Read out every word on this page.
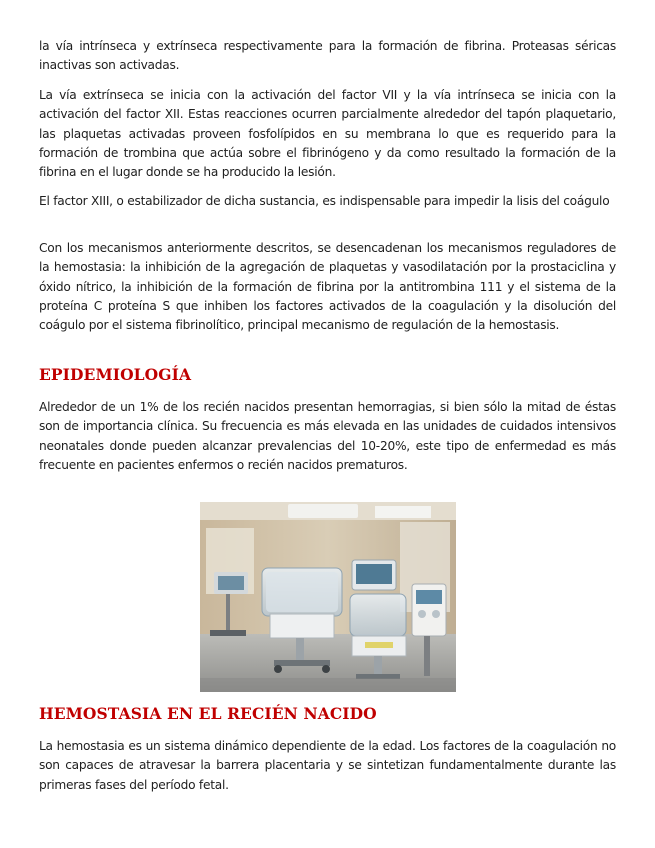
la vía intrínseca y extrínseca respectivamente para la formación de fibrina. Proteasas séricas inactivas son activadas.

La vía extrínseca se inicia con la activación del factor VII y la vía intrínseca se inicia con la activación del factor XII. Estas reacciones ocurren parcialmente alrededor del tapón plaquetario, las plaquetas activadas proveen fosfolípidos en su membrana lo que es requerido para la formación de trombina que actúa sobre el fibrinógeno y da como resultado la formación de la fibrina en el lugar donde se ha producido la lesión.

El factor XIII, o estabilizador de dicha sustancia, es indispensable para impedir la lisis del coágulo

Con los mecanismos anteriormente descritos, se desencadenan los mecanismos reguladores de la hemostasia: la inhibición de la agregación de plaquetas y vasodilatación por la prostaciclina y óxido nítrico, la inhibición de la formación de fibrina por la antitrombina 111 y el sistema de la proteína C proteína S que inhiben los factores activados de la coagulación y la disolución del coágulo por el sistema fibrinolítico, principal mecanismo de regulación de la hemostasis.

EPIDEMIOLOGÍA

Alrededor de un 1% de los recién nacidos presentan hemorragias, si bien sólo la mitad de éstas son de importancia clínica. Su frecuencia es más elevada en las unidades de cuidados intensivos neonatales donde pueden alcanzar prevalencias del 10-20%, este tipo de enfermedad es más frecuente en pacientes enfermos o recién nacidos prematuros.

HEMOSTASIA EN EL RECIÉN NACIDO

La hemostasia es un sistema dinámico dependiente de la edad. Los factores de la coagulación no son capaces de atravesar la barrera placentaria y se sintetizan fundamentalmente durante las primeras fases del período fetal.
